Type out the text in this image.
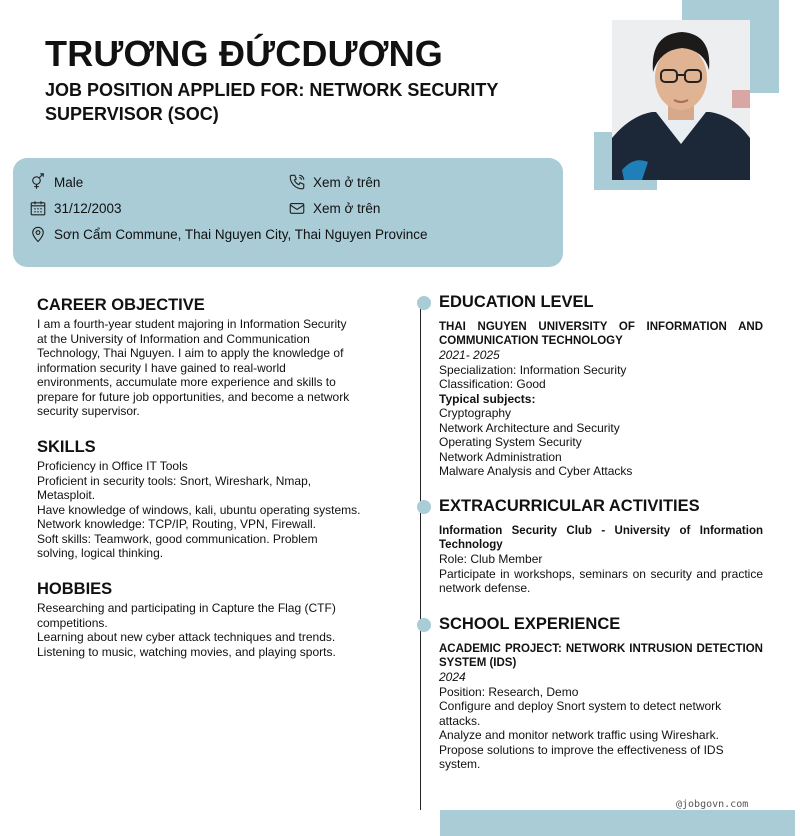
TRƯƠNG ĐỨCDƯƠNG
JOB POSITION APPLIED FOR: NETWORK SECURITY SUPERVISOR (SOC)
Male
31/12/2003
Sơn Cẩm Commune, Thai Nguyen City, Thai Nguyen Province
Xem ở trên
Xem ở trên
CAREER OBJECTIVE
I am a fourth-year student majoring in Information Security
at the University of Information and Communication
Technology, Thai Nguyen. I aim to apply the knowledge of
information security I have gained to real-world
environments, accumulate more experience and skills to
prepare for future job opportunities, and become a network
security supervisor.
SKILLS
Proficiency in Office IT Tools
Proficient in security tools: Snort, Wireshark, Nmap,
Metasploit.
Have knowledge of windows, kali, ubuntu operating systems.
Network knowledge: TCP/IP, Routing, VPN, Firewall.
Soft skills: Teamwork, good communication. Problem
solving, logical thinking.
HOBBIES
Researching and participating in Capture the Flag (CTF)
competitions.
Learning about new cyber attack techniques and trends.
Listening to music, watching movies, and playing sports.
EDUCATION LEVEL
THAI NGUYEN UNIVERSITY OF INFORMATION AND COMMUNICATION TECHNOLOGY
2021- 2025
Specialization: Information Security
Classification: Good
Typical subjects:
Cryptography
Network Architecture and Security
Operating System Security
Network Administration
Malware Analysis and Cyber Attacks
EXTRACURRICULAR ACTIVITIES
Information Security Club - University of Information Technology
Role: Club Member
Participate in workshops, seminars on security and practice network defense.
SCHOOL EXPERIENCE
ACADEMIC PROJECT: NETWORK INTRUSION DETECTION SYSTEM (IDS)
2024
Position: Research, Demo
Configure and deploy Snort system to detect network
attacks.
Analyze and monitor network traffic using Wireshark.
Propose solutions to improve the effectiveness of IDS
system.
@jobgovn.com
